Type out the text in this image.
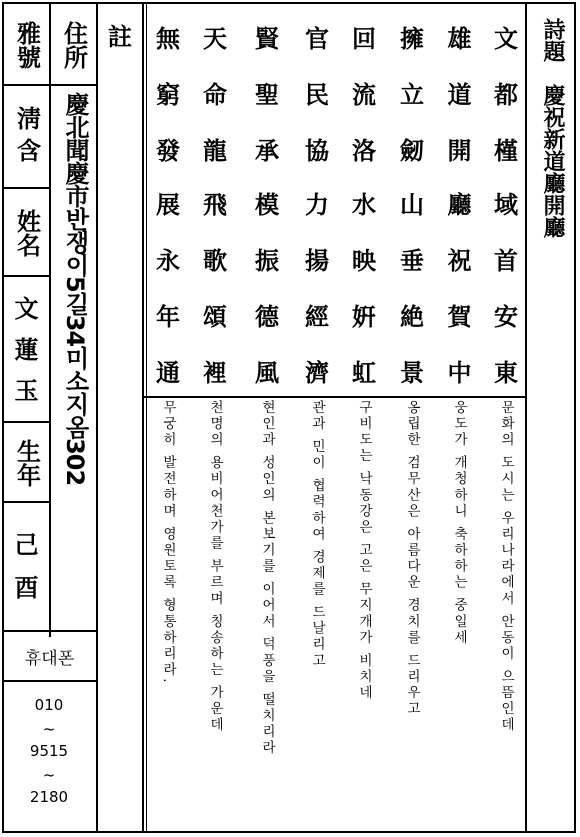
雅號
淸含
姓名
文
蓮
玉
生年
己
酉
住所
慶北聞慶市반쟁이5길34미소지옴302
註
휴대폰
010
~
9515
~
2180
詩題慶祝新道廳開廳
文
都
槿
域
首
安
東
문화의 도시는 우리나라에서 안동이 으뜸인데
雄
道
開
廳
祝
賀
中
웅도가 개청하니 축하하는 중일세
擁
立
劒
山
垂
絶
景
옹립한 검무산은 아름다운 경치를 드리우고
回
流
洛
水
映
姸
虹
구비도는 낙동강은 고은 무지개가 비치네
官
民
協
力
揚
經
濟
관과 민이 협력하여 경제를 드날리고
賢
聖
承
模
振
德
風
현인과 성인의 본보기를 이어서 덕풍을 떨치리라
天
命
龍
飛
歌
頌
裡
천명의 용비어천가를 부르며 칭송하는 가운데
無
窮
發
展
永
年
通
무궁히 발전하며 영원토록 형통하리라.
